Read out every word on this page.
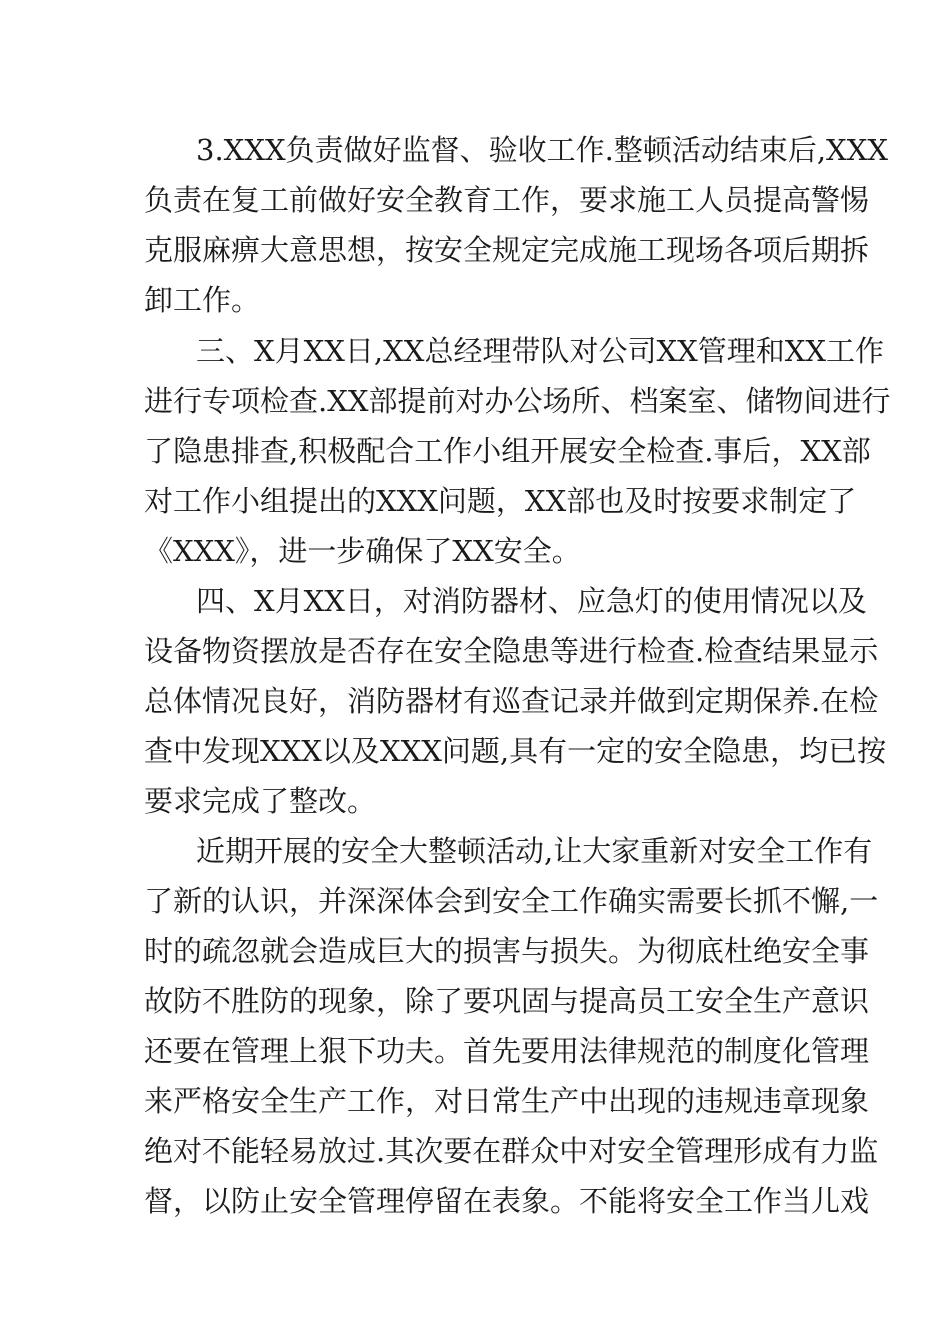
3.XXX负责做好监督、验收工作.整顿活动结束后,XXX
负责在复工前做好安全教育工作，要求施工人员提高警惕
克服麻痹大意思想，按安全规定完成施工现场各项后期拆
卸工作。
三、X月XX日,XX总经理带队对公司XX管理和XX工作
进行专项检查.XX部提前对办公场所、档案室、储物间进行
了隐患排查,积极配合工作小组开展安全检查.事后，XX部
对工作小组提出的XXX问题，XX部也及时按要求制定了
《XXX》，进一步确保了XX安全。
四、X月XX日，对消防器材、应急灯的使用情况以及
设备物资摆放是否存在安全隐患等进行检查.检查结果显示
总体情况良好，消防器材有巡查记录并做到定期保养.在检
查中发现XXX以及XXX问题,具有一定的安全隐患，均已按
要求完成了整改。
近期开展的安全大整顿活动,让大家重新对安全工作有
了新的认识，并深深体会到安全工作确实需要长抓不懈,一
时的疏忽就会造成巨大的损害与损失。为彻底杜绝安全事
故防不胜防的现象，除了要巩固与提高员工安全生产意识
还要在管理上狠下功夫。首先要用法律规范的制度化管理
来严格安全生产工作，对日常生产中出现的违规违章现象
绝对不能轻易放过.其次要在群众中对安全管理形成有力监
督，以防止安全管理停留在表象。不能将安全工作当儿戏
